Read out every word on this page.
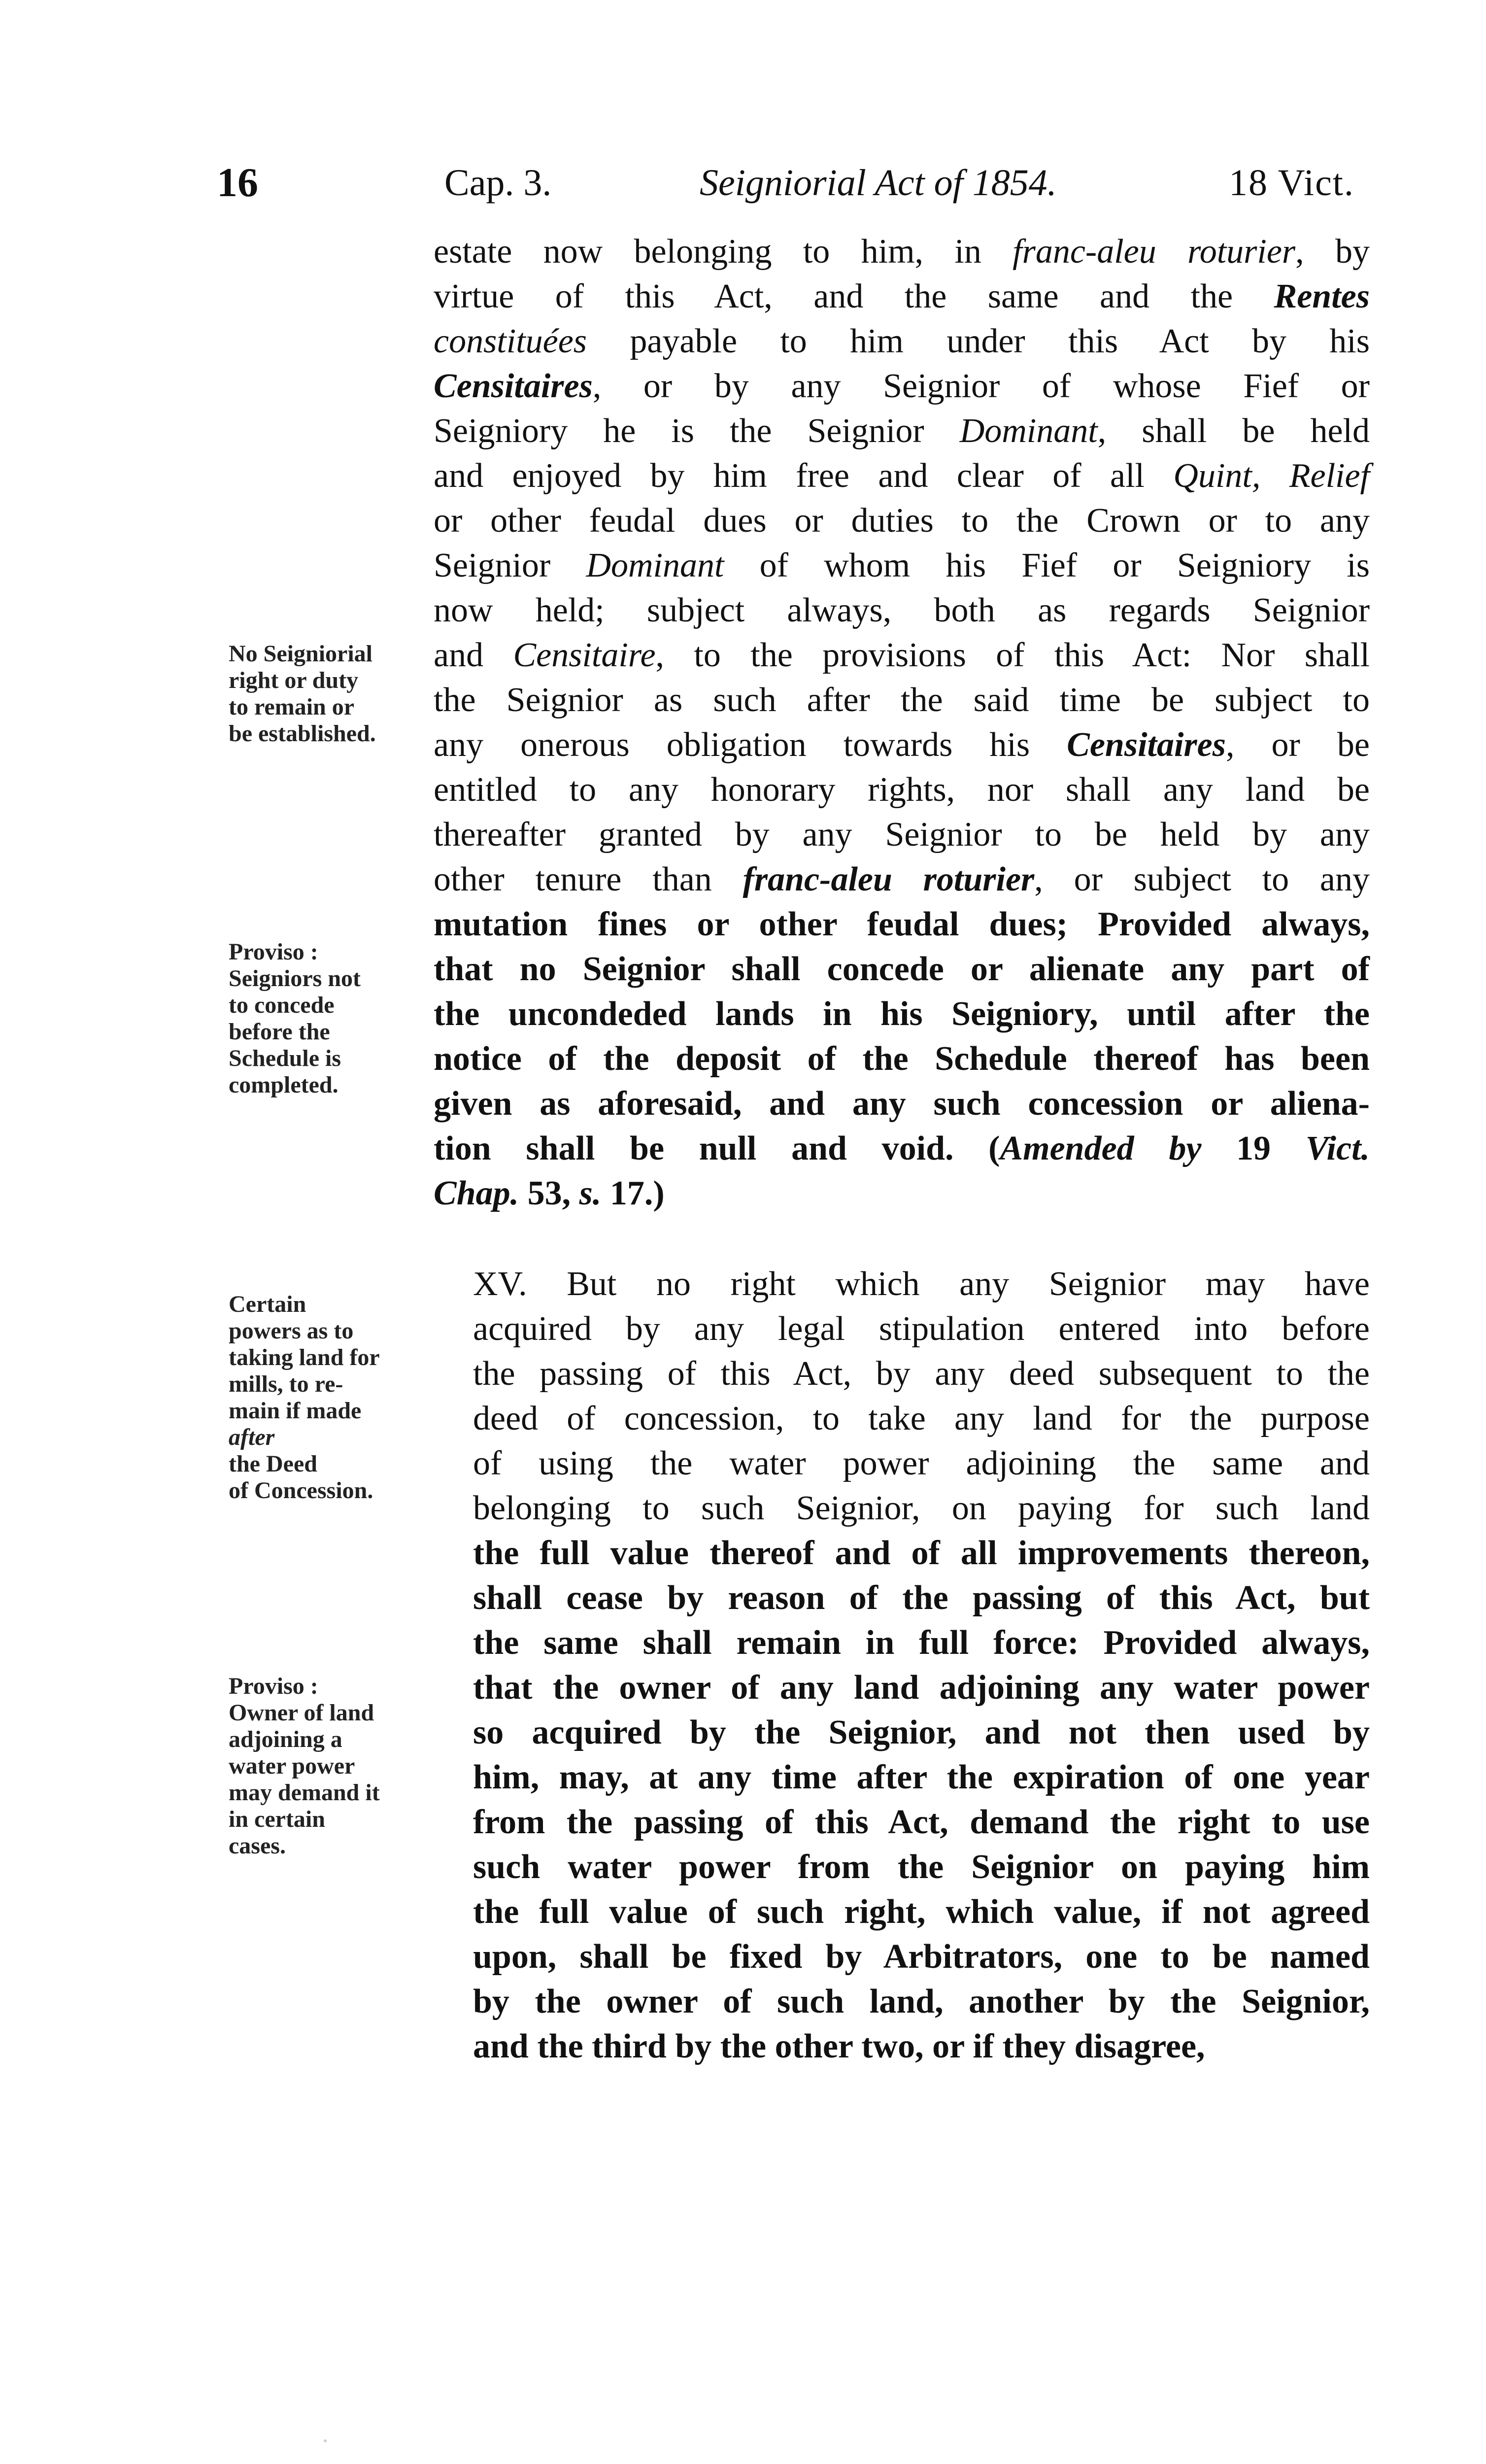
16	Cap. 3.	Seigniorial Act of 1854.	18 Vict.
estate now belonging to him, in franc-aleu roturier, by
virtue of this Act, and the same and the Rentes
constituées payable to him under this Act by his
Censitaires, or by any Seignior of whose Fief or
Seigniory he is the Seignior Dominant, shall be held
and enjoyed by him free and clear of all Quint, Relief
or other feudal dues or duties to the Crown or to any
Seignior Dominant of whom his Fief or Seigniory is
now held; subject always, both as regards Seignior
and Censitaire, to the provisions of this Act: Nor shall
the Seignior as such after the said time be subject to
any onerous obligation towards his Censitaires, or be
entitled to any honorary rights, nor shall any land be
thereafter granted by any Seignior to be held by any
other tenure than franc-aleu roturier, or subject to any
mutation fines or other feudal dues; Provided always,
that no Seignior shall concede or alienate any part of
the uncondeded lands in his Seigniory, until after the
notice of the deposit of the Schedule thereof has been
given as aforesaid, and any such concession or aliena-
tion shall be null and void. (Amended by 19 Vict.
Chap. 53, s. 17.)
XV. But no right which any Seignior may have
acquired by any legal stipulation entered into before
the passing of this Act, by any deed subsequent to the
deed of concession, to take any land for the purpose
of using the water power adjoining the same and
belonging to such Seignior, on paying for such land
the full value thereof and of all improvements thereon,
shall cease by reason of the passing of this Act, but
the same shall remain in full force: Provided always,
that the owner of any land adjoining any water power
so acquired by the Seignior, and not then used by
him, may, at any time after the expiration of one year
from the passing of this Act, demand the right to use
such water power from the Seignior on paying him
the full value of such right, which value, if not agreed
upon, shall be fixed by Arbitrators, one to be named
by the owner of such land, another by the Seignior,
and the third by the other two, or if they disagree,
No Seigniorial
right or duty
to remain or
be established.
Proviso :
Seigniors not
to concede
before the
Schedule is
completed.
Certain
powers as to
taking land for
mills, to re-
main if made
after
the Deed
of Concession.
Proviso :
Owner of land
adjoining a
water power
may demand it
in certain
cases.
